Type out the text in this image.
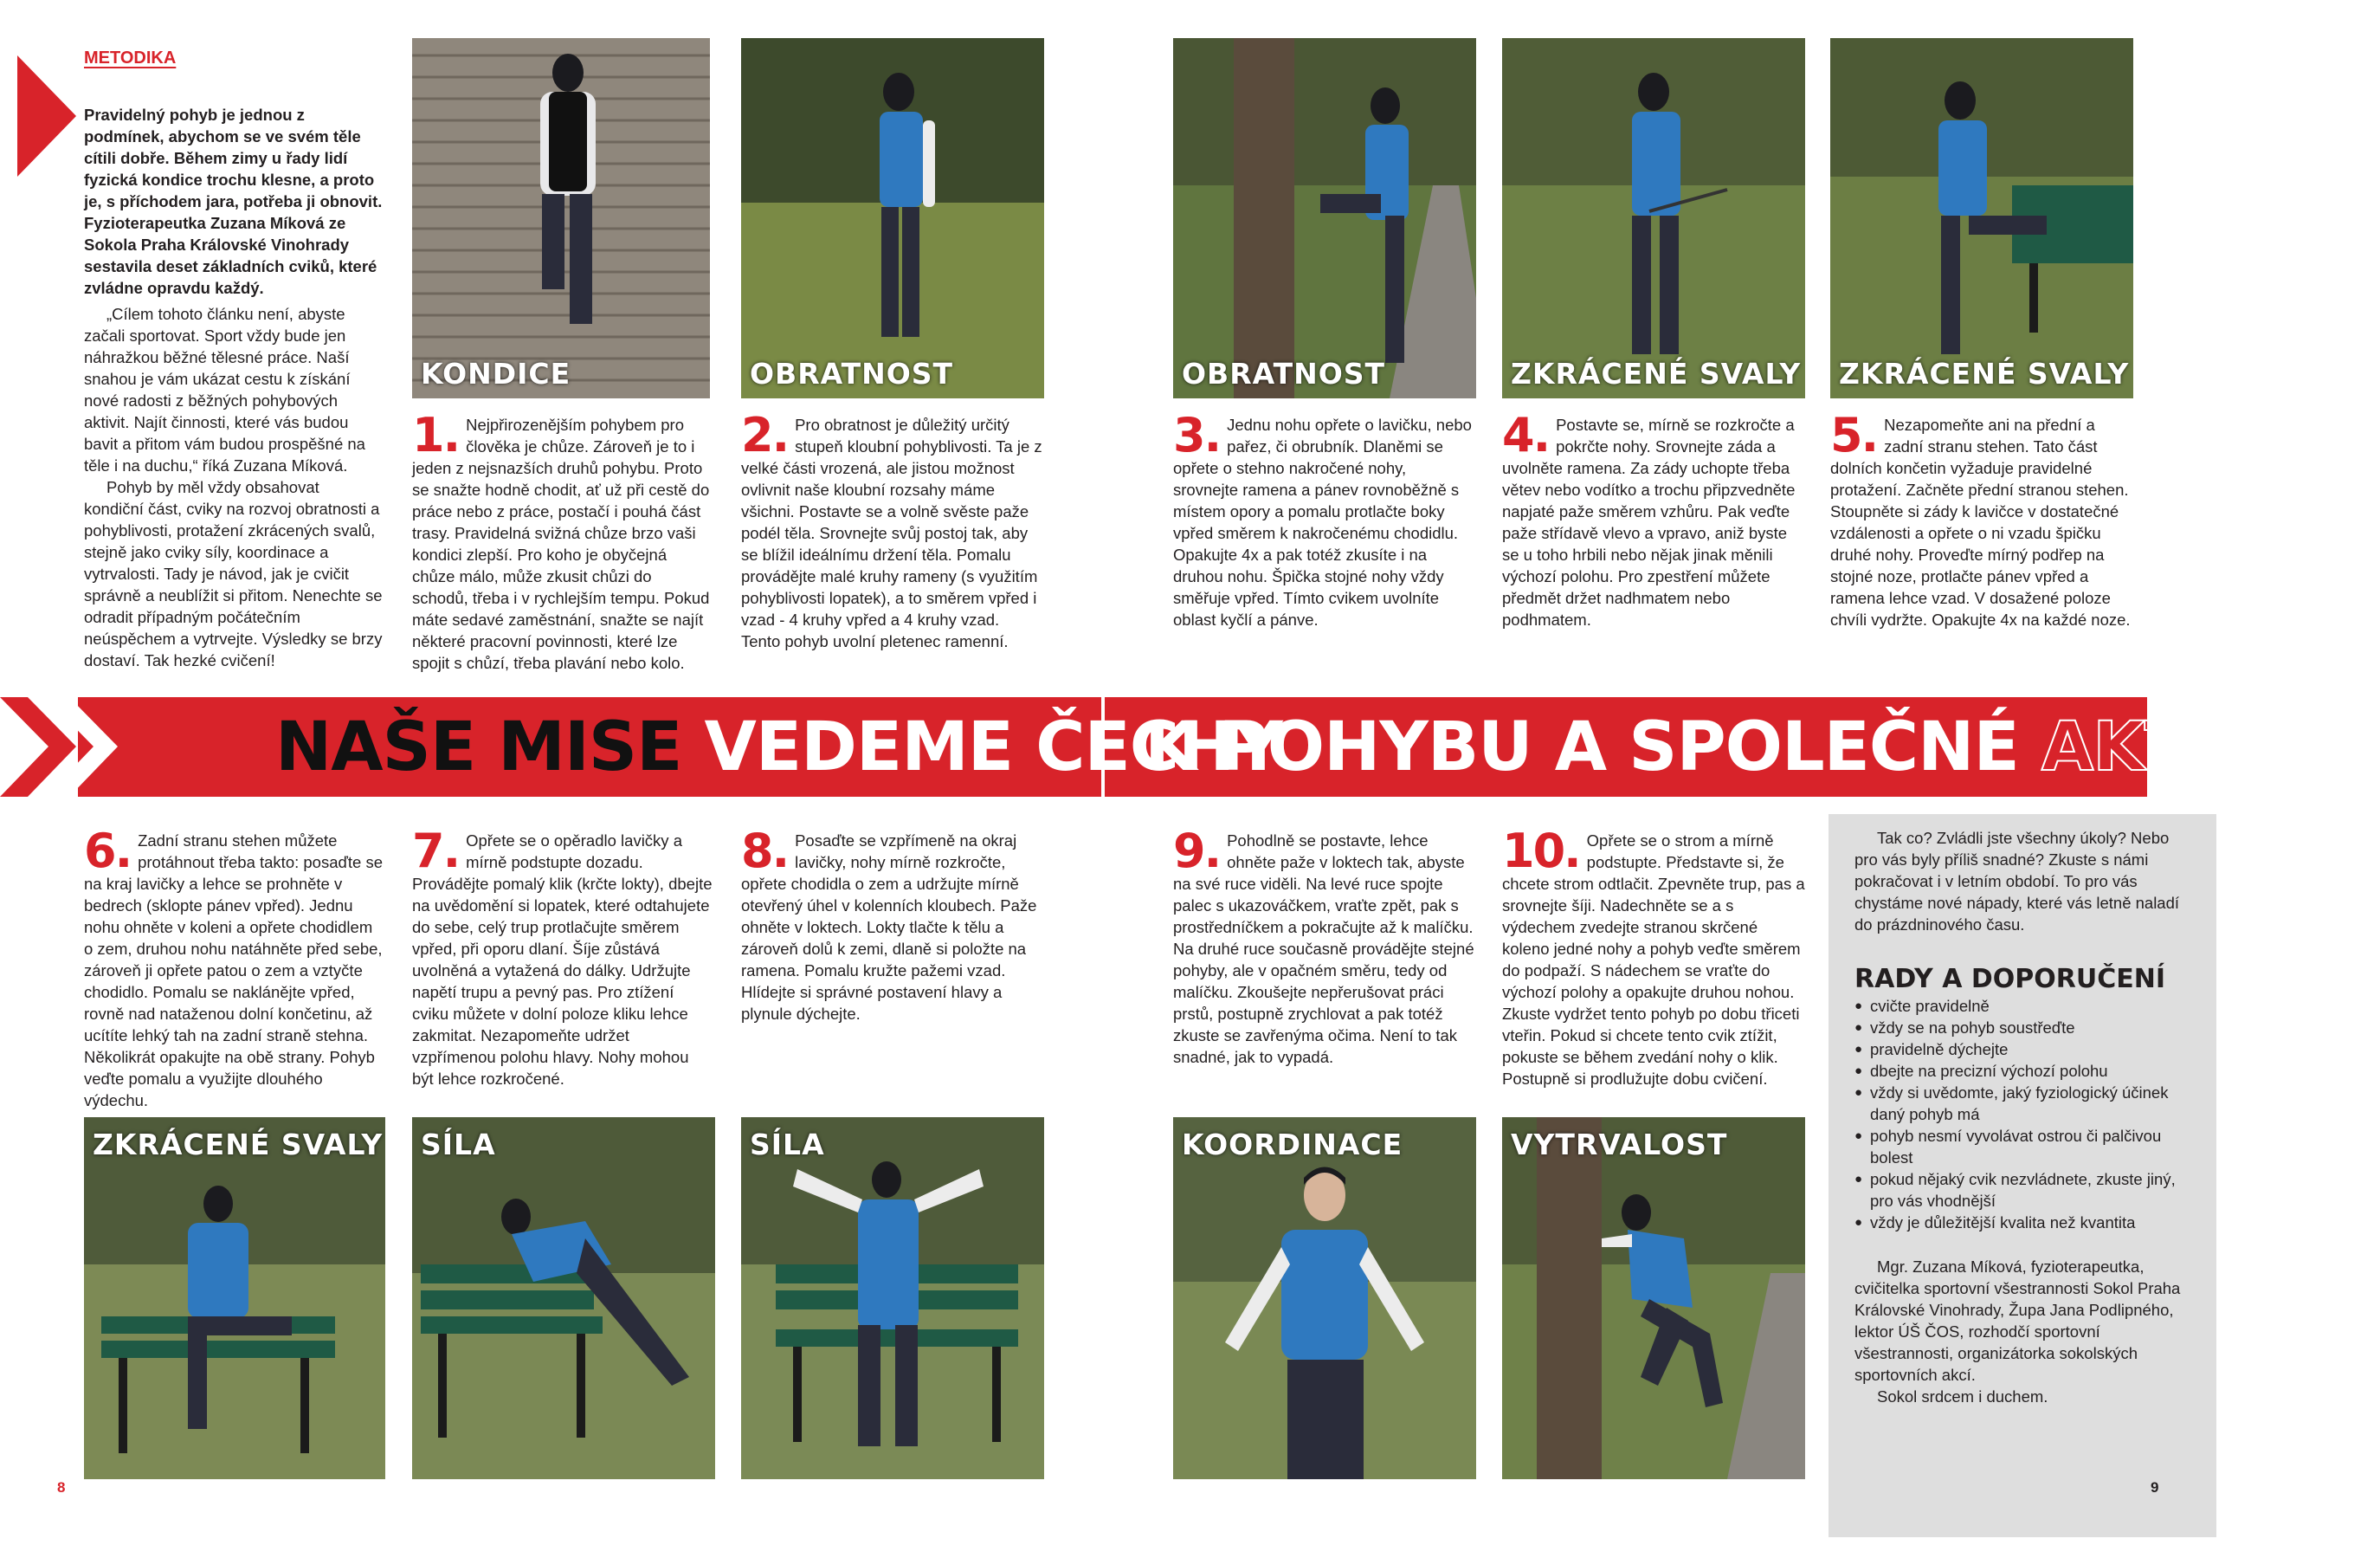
METODIKA
Pravidelný pohyb je jednou z podmínek, abychom se ve svém těle cítili dobře. Během zimy u řady lidí fyzická kondice trochu klesne, a proto je, s příchodem jara, potřeba ji obnovit. Fyzioterapeutka Zuzana Míková ze Sokola Praha Královské Vinohrady sestavila deset základních cviků, které zvládne opravdu každý.

„Cílem tohoto článku není, abyste začali sportovat. Sport vždy bude jen náhražkou běžné tělesné práce. Naší snahou je vám ukázat cestu k získání nové radosti z běžných pohybových aktivit. Najít činnosti, které vás budou bavit a přitom vám budou prospěšné na těle i na duchu,“ říká Zuzana Míková.

Pohyb by měl vždy obsahovat kondiční část, cviky na rozvoj obratnosti a pohyblivosti, protažení zkrácených svalů, stejně jako cviky síly, koordinace a vytrvalosti. Tady je návod, jak je cvičit správně a neublížit si přitom. Nenechte se odradit případným počátečním neúspěchem a vytrvejte. Výsledky se brzy dostaví. Tak hezké cvičení!

KONDICE	OBRATNOST	OBRATNOST	ZKRÁCENÉ SVALY ZKRÁCENÉ SVALY
1. Nejpřirozenějším pohybem pro člověka je chůze. Zároveň je to i jeden z nejsnazších druhů pohybu. Proto se snažte hodně chodit, ať už při cestě do práce nebo z práce, postačí i pouhá část trasy. Pravidelná svižná chůze brzo vaši kondici zlepší. Pro koho je obyčejná chůze málo, může zkusit chůzi do schodů, třeba i v rychlejším tempu. Pokud máte sedavé zaměstnání, snažte se najít některé pracovní povinnosti, které lze spojit s chůzí, třeba plavání nebo kolo.
2. Pro obratnost je důležitý určitý stupeň kloubní pohyblivosti. Ta je z velké části vrozená, ale jistou možnost ovlivnit naše kloubní rozsahy máme všichni. Postavte se a volně svěste paže podél těla. Srovnejte svůj postoj tak, aby se blížil ideálnímu držení těla. Pomalu provádějte malé kruhy rameny (s využitím pohyblivosti lopatek), a to směrem vpřed i vzad - 4 kruhy vpřed a 4 kruhy vzad. Tento pohyb uvolní pletenec ramenní.
3. Jednu nohu opřete o lavičku, nebo pařez, či obrubník. Dlaněmi se opřete o stehno nakročené nohy, srovnejte ramena a pánev rovnoběžně s místem opory a pomalu protlačte boky vpřed směrem k nakročenému chodidlu. Opakujte 4x a pak totéž zkusíte i na druhou nohu. Špička stojné nohy vždy směřuje vpřed. Tímto cvikem uvolníte oblast kyčlí a pánve.
4. Postavte se, mírně se rozkročte a pokrčte nohy. Srovnejte záda a uvolněte ramena. Za zády uchopte třeba větev nebo vodítko a trochu připzvedněte napjaté paže směrem vzhůru. Pak veďte paže střídavě vlevo a vpravo, aniž byste se u toho hrbili nebo nějak jinak měnili výchozí polohu. Pro zpestření můžete předmět držet nadhmatem nebo podhmatem.
5. Nezapomeňte ani na přední a zadní stranu stehen. Tato část dolních končetin vyžaduje pravidelné protažení. Začněte přední stranou stehen. Stoupněte si zády k lavičce v dostatečné vzdálenosti a opřete o ni vzadu špičku druhé nohy. Proveďte mírný podřep na stojné noze, protlačte pánev vpřed a ramena lehce vzad. V dosažené poloze chvíli vydržte. Opakujte 4x na každé noze.
NAŠE MISE VEDEME ČECHY
K POHYBU A SPOLEČNÉ AKTIVITĚ
6. Zadní stranu stehen můžete protáhnout třeba takto: posaďte se na kraj lavičky a lehce se prohněte v bedrech (sklopte pánev vpřed). Jednu nohu ohněte v koleni a opřete chodidlem o zem, druhou nohu natáhněte před sebe, zároveň ji opřete patou o zem a vztyčte chodidlo. Pomalu se naklánějte vpřed, rovně nad nataženou dolní končetinu, až ucítíte lehký tah na zadní straně stehna. Několikrát opakujte na obě strany. Pohyb veďte pomalu a využijte dlouhého výdechu.
7. Opřete se o opěradlo lavičky a mírně podstupte dozadu. Provádějte pomalý klik (krčte lokty), dbejte na uvědomění si lopatek, které odtahujete do sebe, celý trup protlačujte směrem vpřed, při oporu dlaní. Šíje zůstává uvolněná a vytažená do dálky. Udržujte napětí trupu a pevný pas. Pro ztížení cviku můžete v dolní poloze kliku lehce zakmitat. Nezapomeňte udržet vzpřímenou polohu hlavy. Nohy mohou být lehce rozkročené.
8. Posaďte se vzpřímeně na okraj lavičky, nohy mírně rozkročte, opřete chodidla o zem a udržujte mírně otevřený úhel v kolenních kloubech. Paže ohněte v loktech. Lokty tlačte k tělu a zároveň dolů k zemi, dlaně si položte na ramena. Pomalu kružte pažemi vzad. Hlídejte si správné postavení hlavy a plynule dýchejte.
9. Pohodlně se postavte, lehce ohněte paže v loktech tak, abyste na své ruce viděli. Na levé ruce spojte palec s ukazováčkem, vraťte zpět, pak s prostředníčkem a pokračujte až k malíčku. Na druhé ruce současně provádějte stejné pohyby, ale v opačném směru, tedy od malíčku. Zkoušejte nepřerušovat práci prstů, postupně zrychlovat a pak totéž zkuste se zavřenýma očima. Není to tak snadné, jak to vypadá.
10. Opřete se o strom a mírně podstupte. Představte si, že chcete strom odtlačit. Zpevněte trup, pas a srovnejte šíji. Nadechněte se a s výdechem zvedejte stranou skrčené koleno jedné nohy a pohyb veďte směrem do podpaží. S nádechem se vraťte do výchozí polohy a opakujte druhou nohou. Zkuste vydržet tento pohyb po dobu třiceti vteřin. Pokud si chcete tento cvik ztížit, pokuste se během zvedání nohy o klik. Postupně si prodlužujte dobu cvičení.
ZKRÁCENÉ SVALY SÍLA	SÍLA	KOORDINACE	VYTRVALOST

Tak co? Zvládli jste všechny úkoly? Nebo pro vás byly příliš snadné? Zkuste s námi pokračovat i v letním období. To pro vás chystáme nové nápady, které vás letně naladí do prázdninového času.

RADY A DOPORUČENÍ
● cvičte pravidelně
● vždy se na pohyb soustřeďte
● pravidelně dýchejte
● dbejte na precizní výchozí polohu
● vždy si uvědomte, jaký fyziologický účinek daný pohyb má
● pohyb nesmí vyvolávat ostrou či palčivou bolest
● pokud nějaký cvik nezvládnete, zkuste jiný, pro vás vhodnější
● vždy je důležitější kvalita než kvantita

Mgr. Zuzana Míková, fyzioterapeutka, cvičitelka sportovní všestrannosti Sokol Praha Královské Vinohrady, Župa Jana Podlipného, lektor ÚŠ ČOS, rozhodčí sportovní všestrannosti, organizátorka sokolských sportovních akcí.

Sokol srdcem i duchem.

8	9
